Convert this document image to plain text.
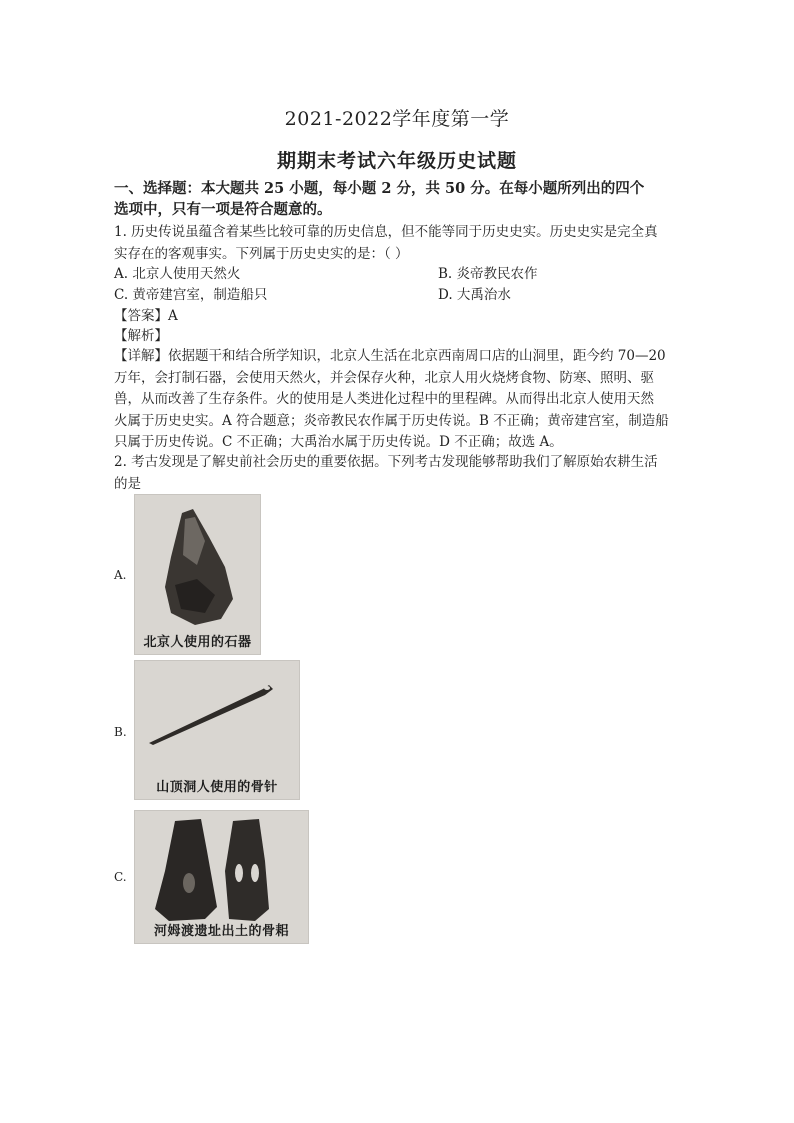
2021-2022学年度第一学
期期末考试六年级历史试题
一、选择题：本大题共 25 小题，每小题 2 分，共 50 分。在每小题所列出的四个
选项中，只有一项是符合题意的。
1. 历史传说虽蕴含着某些比较可靠的历史信息，但不能等同于历史史实。历史史实是完全真
实存在的客观事实。下列属于历史史实的是：（ ）
A. 北京人使用天然火	B. 炎帝教民农作
C. 黄帝建宫室，制造船只	D. 大禹治水
【答案】A
【解析】
【详解】依据题干和结合所学知识，北京人生活在北京西南周口店的山洞里，距今约 70—20
万年，会打制石器，会使用天然火，并会保存火种，北京人用火烧烤食物、防寒、照明、驱
兽，从而改善了生存条件。火的使用是人类进化过程中的里程碑。从而得出北京人使用天然
火属于历史史实。A 符合题意；炎帝教民农作属于历史传说。B 不正确；黄帝建宫室，制造船
只属于历史传说。C 不正确；大禹治水属于历史传说。D 不正确；故选 A。
2. 考古发现是了解史前社会历史的重要依据。下列考古发现能够帮助我们了解原始农耕生活
的是
A.
北京人使用的石器
B.
山顶洞人使用的骨针
C.
河姆渡遗址出土的骨耜
